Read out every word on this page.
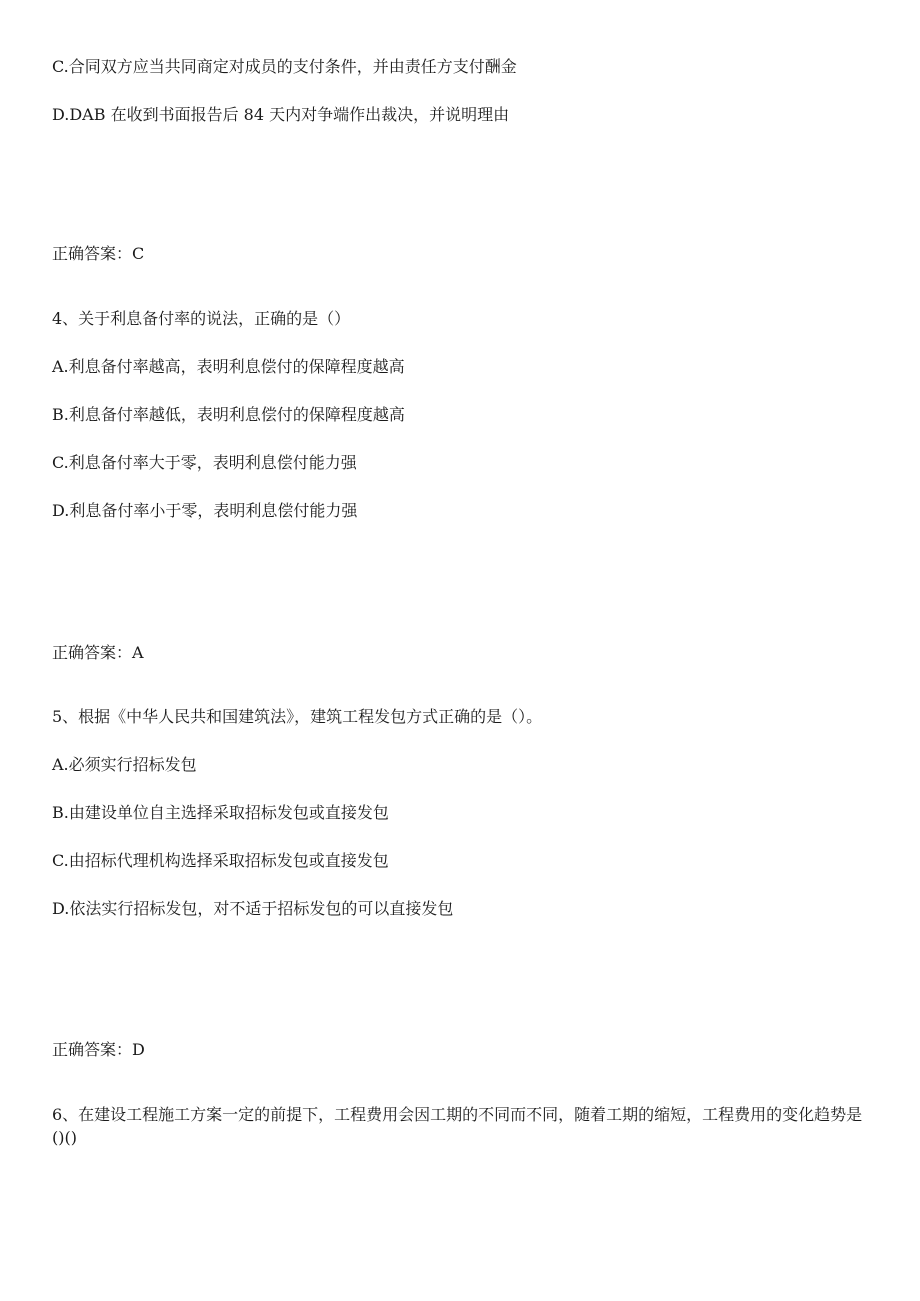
C.合同双方应当共同商定对成员的支付条件，并由责任方支付酬金
D.DAB 在收到书面报告后 84 天内对争端作出裁决，并说明理由
正确答案：C
4、关于利息备付率的说法，正确的是（）
A.利息备付率越高，表明利息偿付的保障程度越高
B.利息备付率越低，表明利息偿付的保障程度越高
C.利息备付率大于零，表明利息偿付能力强
D.利息备付率小于零，表明利息偿付能力强
正确答案：A
5、根据《中华人民共和国建筑法》，建筑工程发包方式正确的是（）。
A.必须实行招标发包
B.由建设单位自主选择采取招标发包或直接发包
C.由招标代理机构选择采取招标发包或直接发包
D.依法实行招标发包，对不适于招标发包的可以直接发包
正确答案：D
6、在建设工程施工方案一定的前提下，工程费用会因工期的不同而不同，随着工期的缩短，工程费用的变化趋势是()()
